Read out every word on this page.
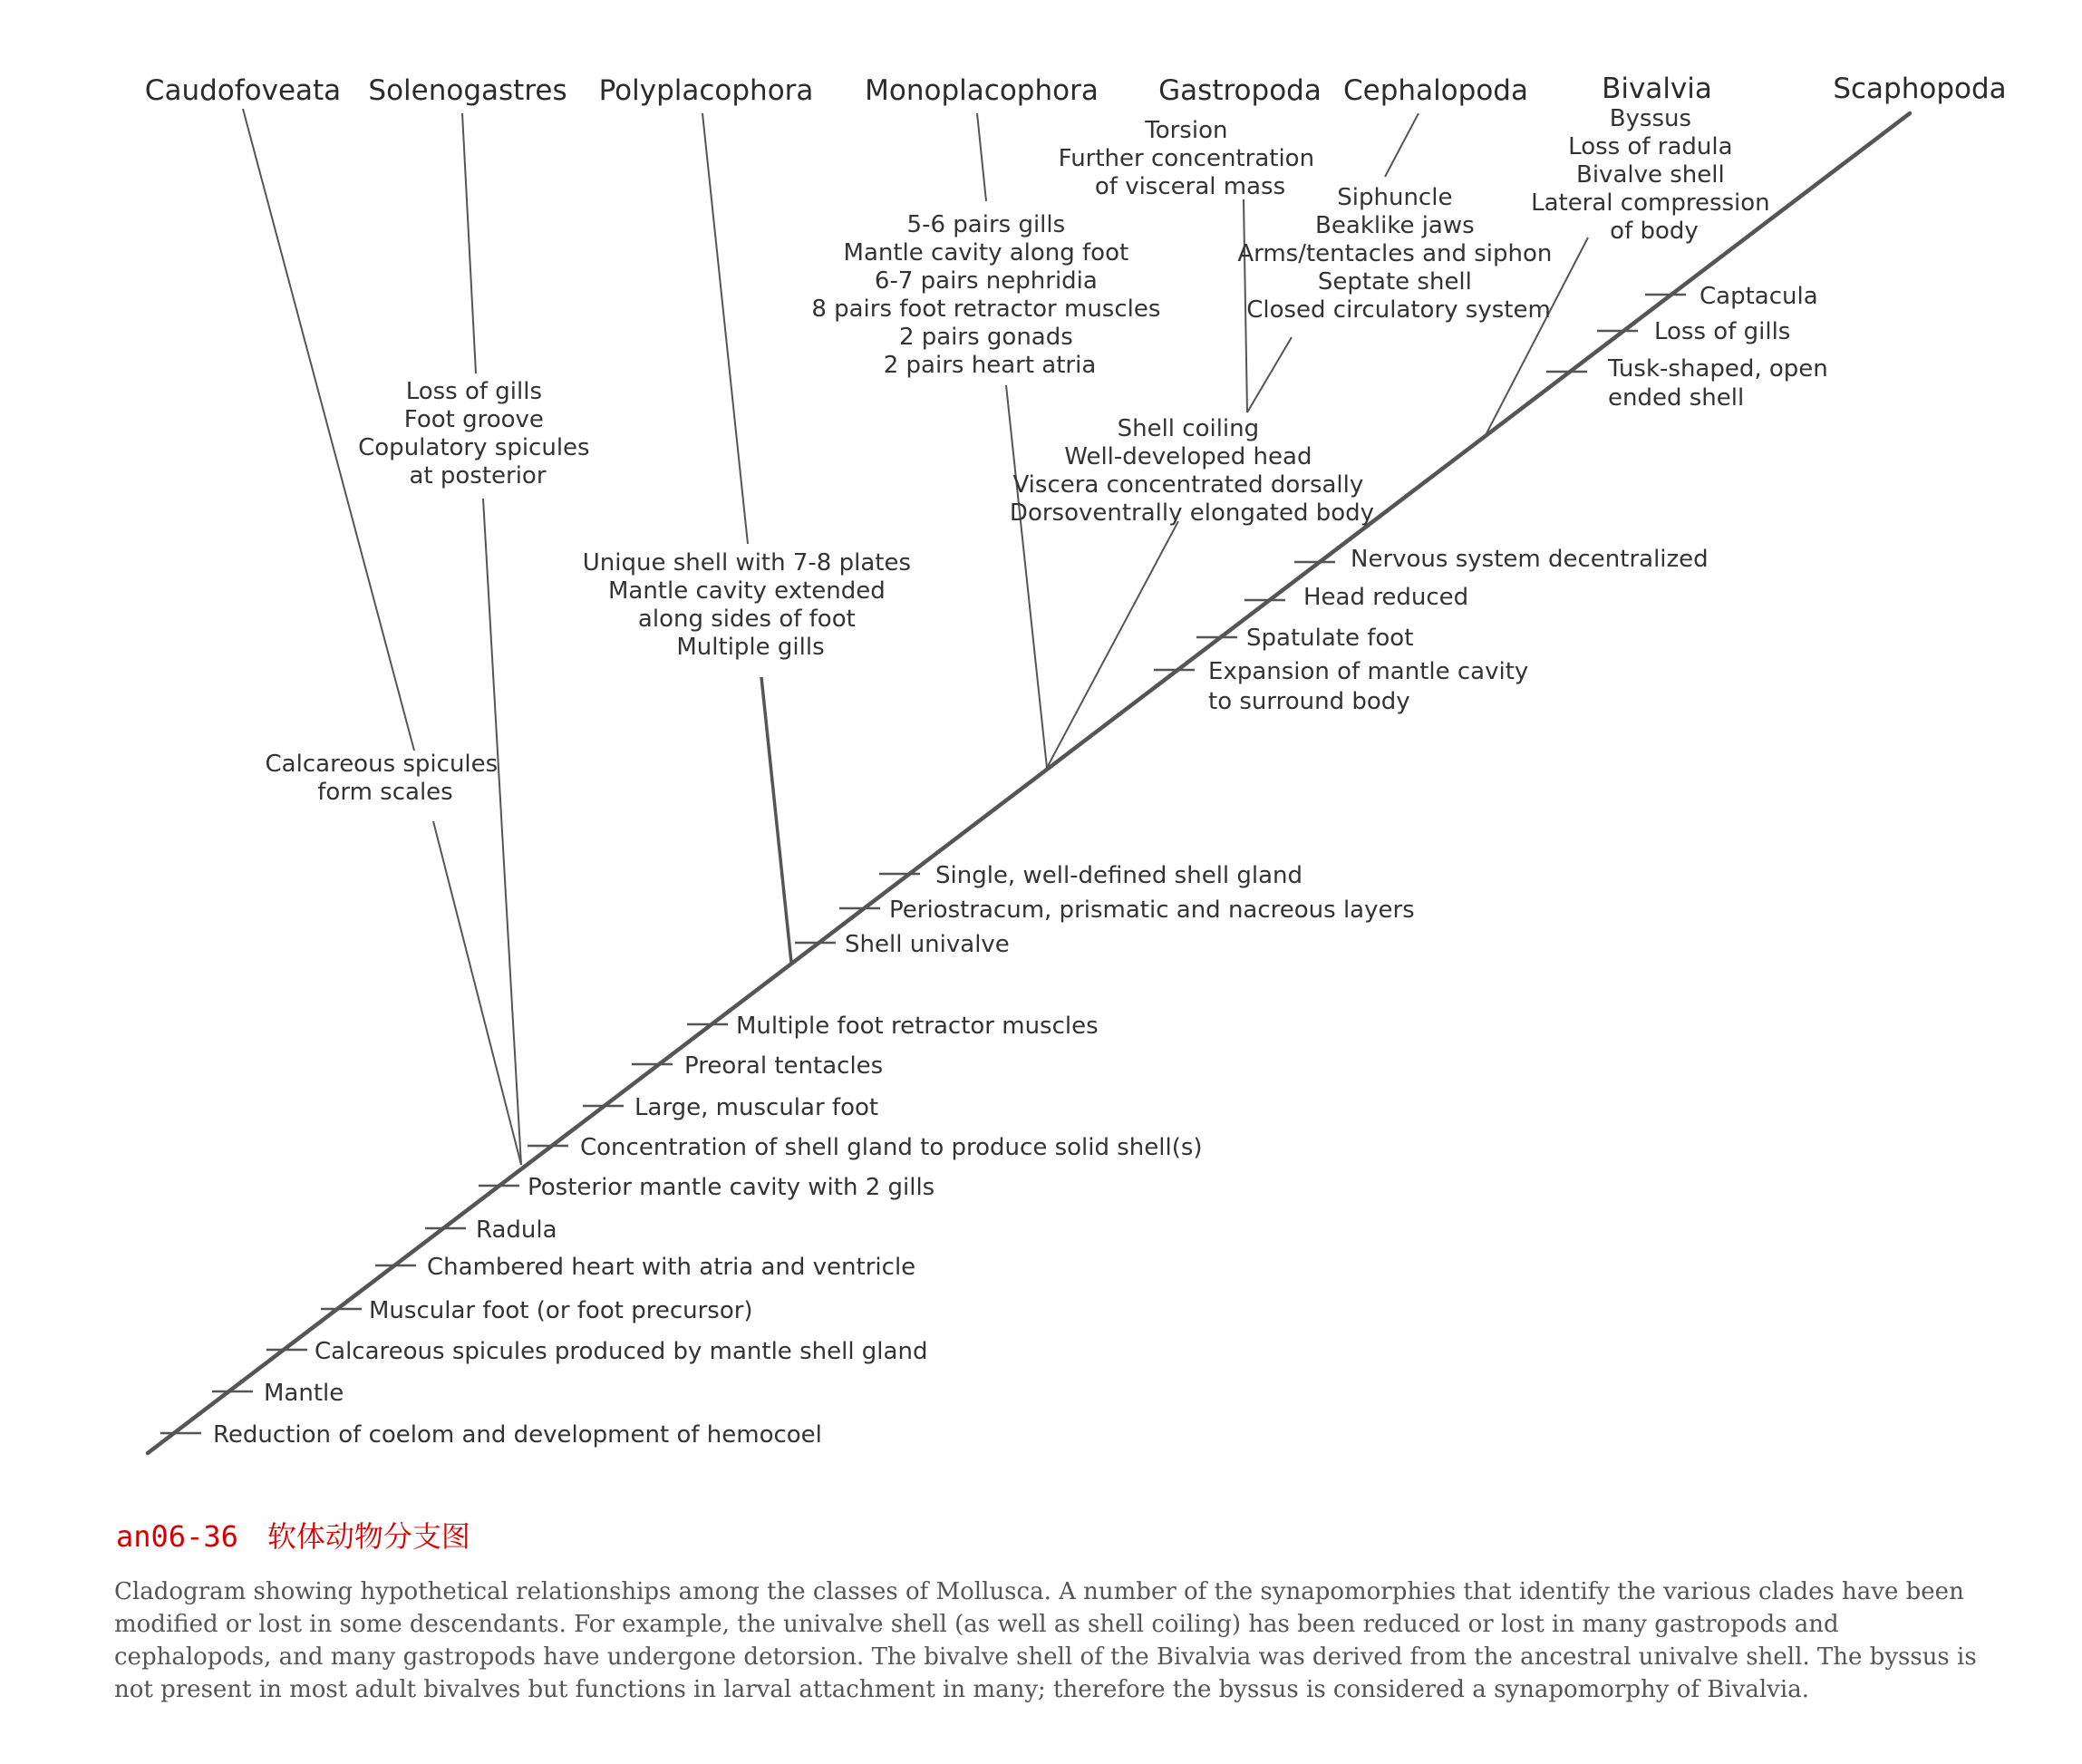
Caudofoveata Solenogastres Polyplacophora Monoplacophora Gastropoda Cephalopoda	Bivalvia	Scaphopoda
Calcareous spicules form scales
Loss of gills Foot groove Copulatory spicules at posterior
Unique shell with 7-8 plates Mantle cavity extended along sides of foot Multiple gills
5-6 pairs gills Mantle cavity along foot 6-7 pairs nephridia 8 pairs foot retractor muscles 2 pairs gonads 2 pairs heart atria
Shell coiling Well-developed head Viscera concentrated dorsally Dorsoventrally elongated body
Torsion Further concentration of visceral mass	Siphuncle Beaklike jaws Arms/tentacles and siphon Septate shell Closed circulatory system
Byssus Loss of radula Bivalve shell Lateral compression of body
Reduction of coelom and development of hemocoel
Mantle
Calcareous spicules produced by mantle shell gland
Muscular foot (or foot precursor)
Chambered heart with atria and ventricle
Radula
Posterior mantle cavity with 2 gills
Concentration of shell gland to produce solid shell(s)
Large, muscular foot
Preoral tentacles
Multiple foot retractor muscles
Shell univalve
Periostracum, prismatic and nacreous layers
Single, well-defined shell gland
Expansion of mantle cavity to surround body
Spatulate foot
Head reduced
Nervous system decentralized
Tusk-shaped, open ended shell
Loss of gills
Captacula

an06-36　软体动物分支图

Cladogram showing hypothetical relationships among the classes of Mollusca. A number of the synapomorphies that identify the various clades have been modified or lost in some descendants. For example, the univalve shell (as well as shell coiling) has been reduced or lost in many gastropods and cephalopods, and many gastropods have undergone detorsion. The bivalve shell of the Bivalvia was derived from the ancestral univalve shell. The byssus is not present in most adult bivalves but functions in larval attachment in many; therefore the byssus is considered a synapomorphy of Bivalvia.
